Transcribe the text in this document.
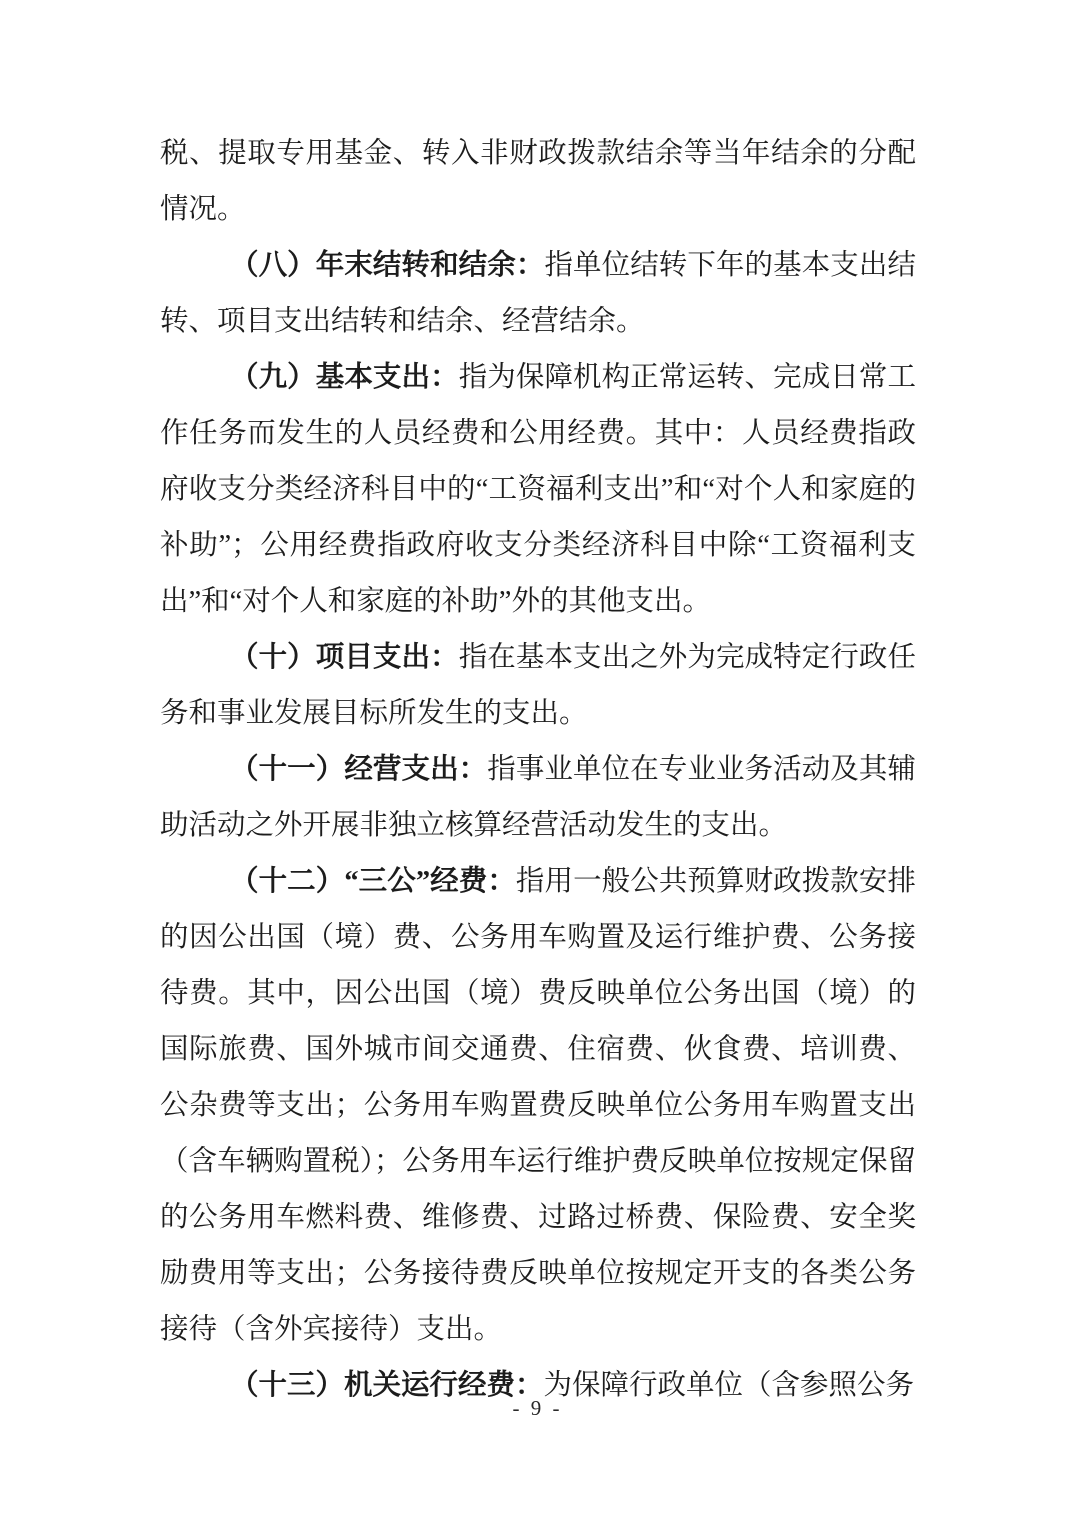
税、提取专用基金、转入非财政拨款结余等当年结余的分配情况。

（八）年末结转和结余：指单位结转下年的基本支出结转、项目支出结转和结余、经营结余。

（九）基本支出：指为保障机构正常运转、完成日常工作任务而发生的人员经费和公用经费。其中：人员经费指政府收支分类经济科目中的“工资福利支出”和“对个人和家庭的补助”；公用经费指政府收支分类经济科目中除“工资福利支出”和“对个人和家庭的补助”外的其他支出。

（十）项目支出：指在基本支出之外为完成特定行政任务和事业发展目标所发生的支出。

（十一）经营支出：指事业单位在专业业务活动及其辅助活动之外开展非独立核算经营活动发生的支出。

（十二）“三公”经费：指用一般公共预算财政拨款安排的因公出国（境）费、公务用车购置及运行维护费、公务接待费。其中，因公出国（境）费反映单位公务出国（境）的国际旅费、国外城市间交通费、住宿费、伙食费、培训费、公杂费等支出；公务用车购置费反映单位公务用车购置支出（含车辆购置税）；公务用车运行维护费反映单位按规定保留的公务用车燃料费、维修费、过路过桥费、保险费、安全奖励费用等支出；公务接待费反映单位按规定开支的各类公务接待（含外宾接待）支出。

（十三）机关运行经费：为保障行政单位（含参照公务

- 9 -
